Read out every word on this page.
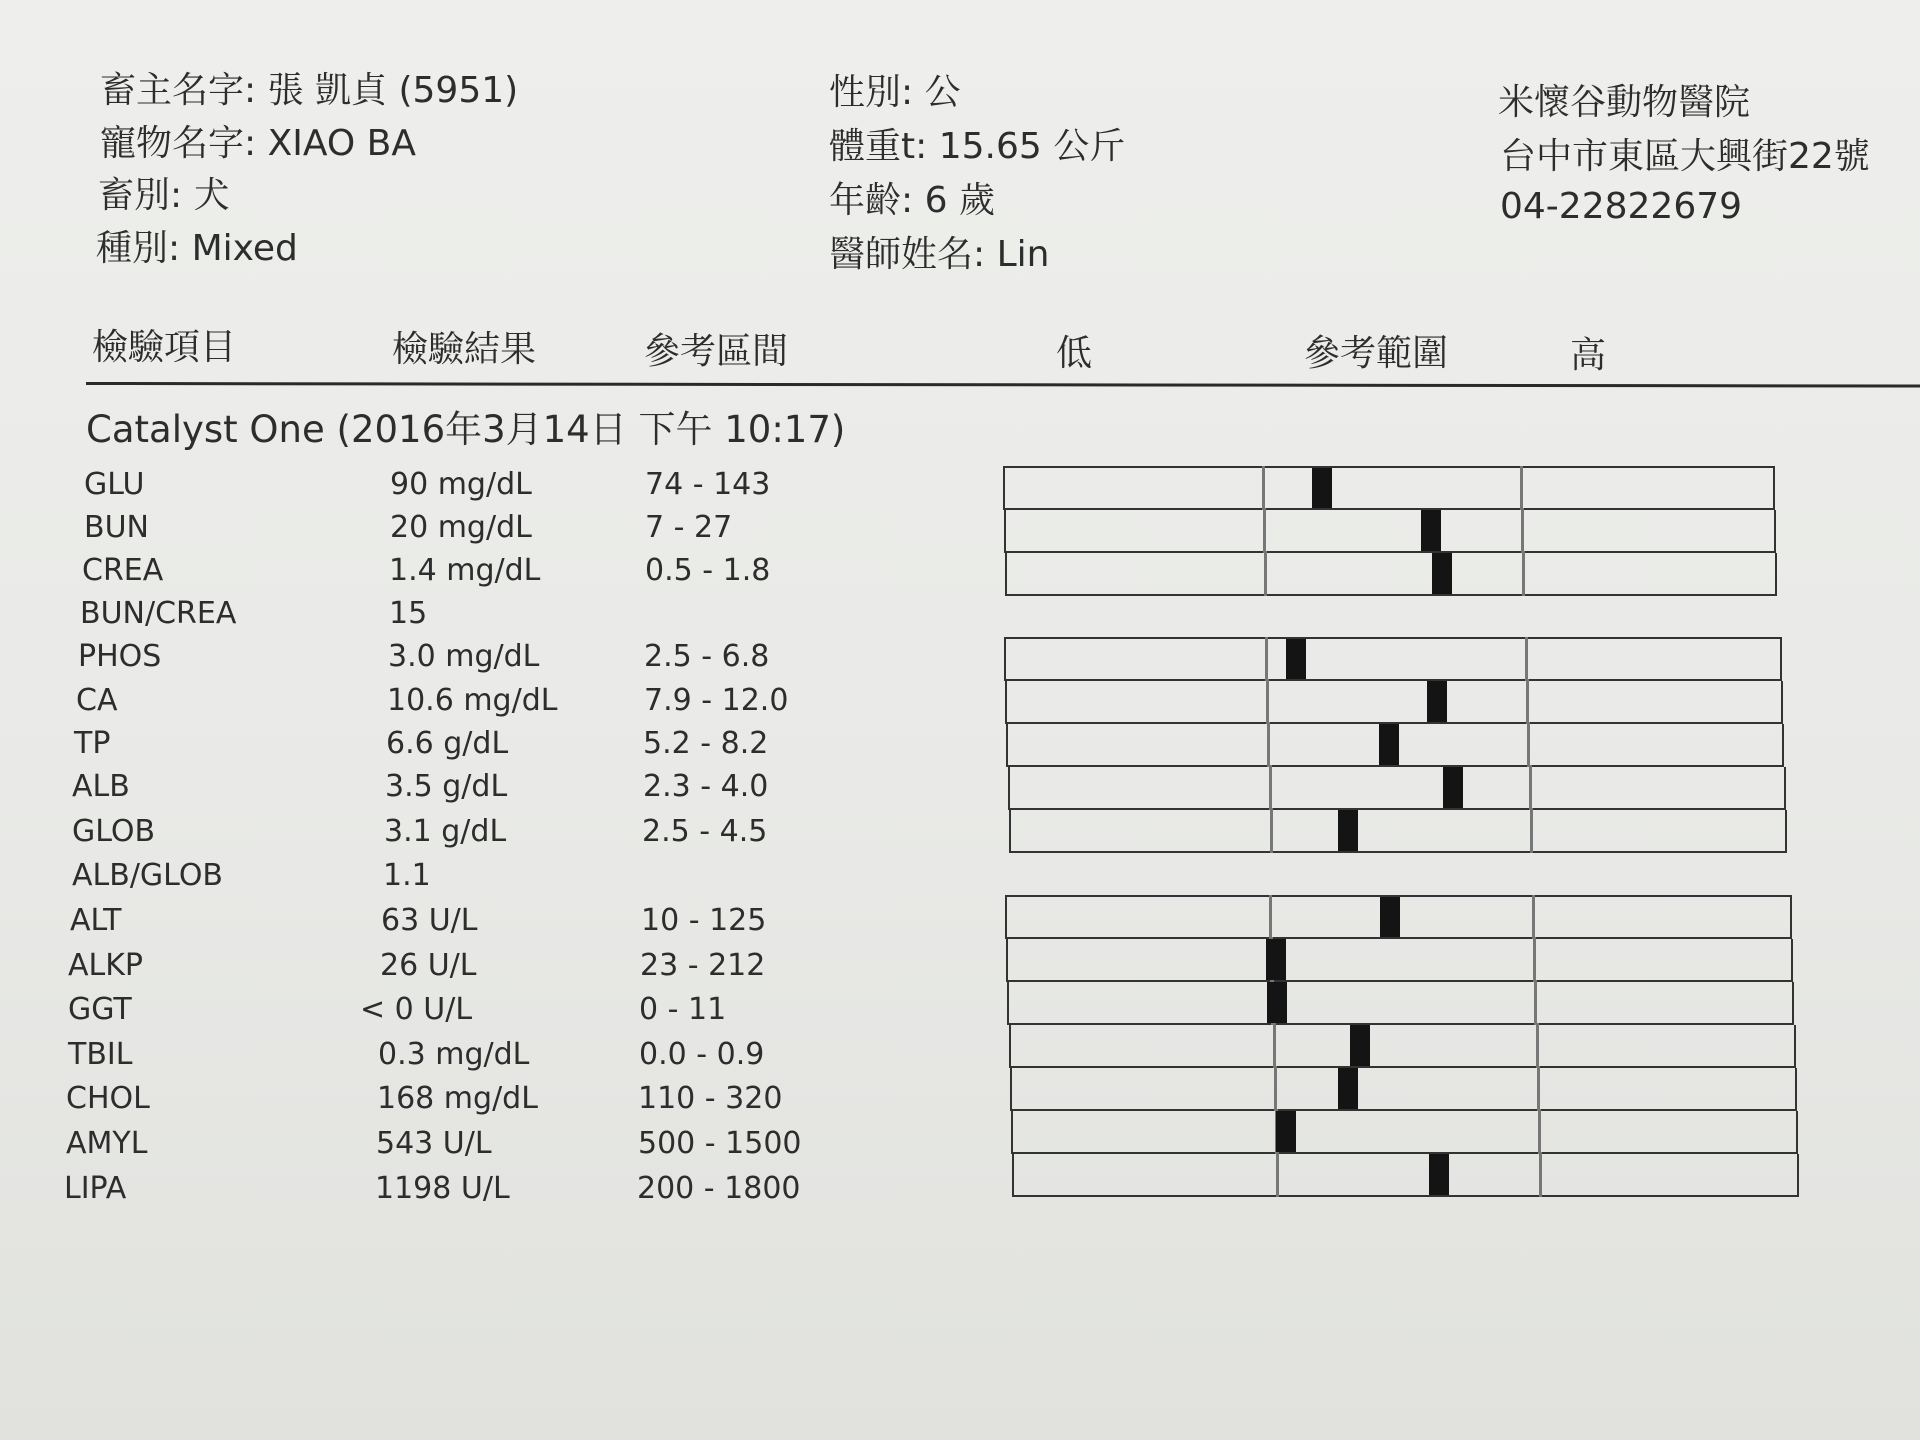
畜主名字: 張 凱貞 (5951)
寵物名字: XIAO BA
畜別: 犬
種別: Mixed
性別: 公
體重t: 15.65 公斤
年齡: 6 歲
醫師姓名: Lin
米懷谷動物醫院
台中市東區大興街22號
04-22822679
檢驗項目	檢驗結果	參考區間	低	參考範圍	高
Catalyst One (2016年3月14日 下午 10:17)
GLU	90 mg/dL	74 - 143
BUN	20 mg/dL	7 - 27
CREA	1.4 mg/dL	0.5 - 1.8
BUN/CREA	15
PHOS	3.0 mg/dL	2.5 - 6.8
CA	10.6 mg/dL	7.9 - 12.0
TP	6.6 g/dL	5.2 - 8.2
ALB	3.5 g/dL	2.3 - 4.0
GLOB	3.1 g/dL	2.5 - 4.5
ALB/GLOB	1.1
ALT	63 U/L	10 - 125
ALKP	26 U/L	23 - 212
GGT	< 0 U/L	0 - 11
TBIL	0.3 mg/dL	0.0 - 0.9
CHOL	168 mg/dL	110 - 320
AMYL	543 U/L	500 - 1500
LIPA	1198 U/L	200 - 1800
